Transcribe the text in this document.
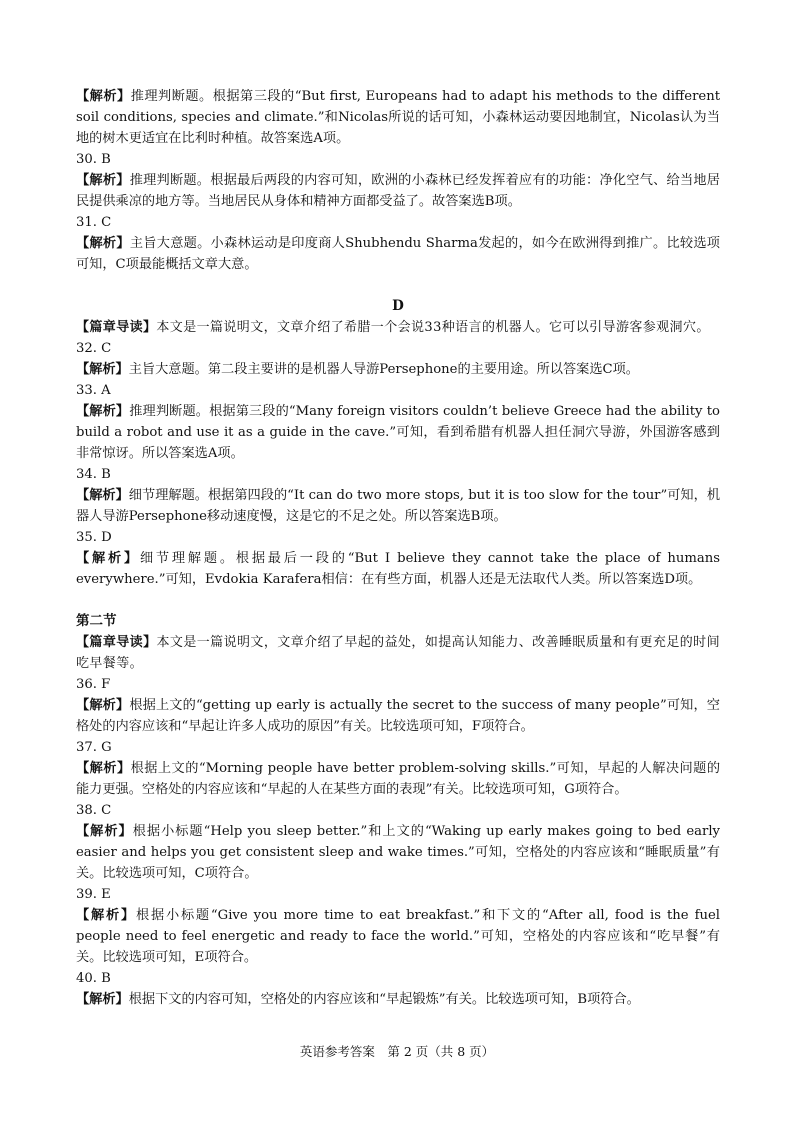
【解析】推理判断题。根据第三段的“But first, Europeans had to adapt his methods to the different soil conditions, species and climate.”和Nicolas所说的话可知，小森林运动要因地制宜，Nicolas认为当地的树木更适宜在比利时种植。故答案选A项。

30. B

【解析】推理判断题。根据最后两段的内容可知，欧洲的小森林已经发挥着应有的功能：净化空气、给当地居民提供乘凉的地方等。当地居民从身体和精神方面都受益了。故答案选B项。

31. C

【解析】主旨大意题。小森林运动是印度商人Shubhendu Sharma发起的，如今在欧洲得到推广。比较选项可知，C项最能概括文章大意。

D

【篇章导读】本文是一篇说明文，文章介绍了希腊一个会说33种语言的机器人。它可以引导游客参观洞穴。

32. C

【解析】主旨大意题。第二段主要讲的是机器人导游Persephone的主要用途。所以答案选C项。

33. A

【解析】推理判断题。根据第三段的“Many foreign visitors couldn’t believe Greece had the ability to build a robot and use it as a guide in the cave.”可知，看到希腊有机器人担任洞穴导游，外国游客感到非常惊讶。所以答案选A项。

34. B

【解析】细节理解题。根据第四段的“It can do two more stops, but it is too slow for the tour”可知，机器人导游Persephone移动速度慢，这是它的不足之处。所以答案选B项。

35. D

【解析】细节理解题。根据最后一段的“But I believe they cannot take the place of humans everywhere.”可知，Evdokia Karafera相信：在有些方面，机器人还是无法取代人类。所以答案选D项。

第二节

【篇章导读】本文是一篇说明文，文章介绍了早起的益处，如提高认知能力、改善睡眠质量和有更充足的时间吃早餐等。

36. F

【解析】根据上文的“getting up early is actually the secret to the success of many people”可知，空格处的内容应该和“早起让许多人成功的原因”有关。比较选项可知，F项符合。

37. G

【解析】根据上文的“Morning people have better problem-solving skills.”可知，早起的人解决问题的能力更强。空格处的内容应该和“早起的人在某些方面的表现”有关。比较选项可知，G项符合。

38. C

【解析】根据小标题“Help you sleep better.”和上文的“Waking up early makes going to bed early easier and helps you get consistent sleep and wake times.”可知，空格处的内容应该和“睡眠质量”有关。比较选项可知，C项符合。

39. E

【解析】根据小标题“Give you more time to eat breakfast.”和下文的“After all, food is the fuel people need to feel energetic and ready to face the world.”可知，空格处的内容应该和“吃早餐”有关。比较选项可知，E项符合。

40. B

【解析】根据下文的内容可知，空格处的内容应该和“早起锻炼”有关。比较选项可知，B项符合。

英语参考答案　第 2 页（共 8 页）
